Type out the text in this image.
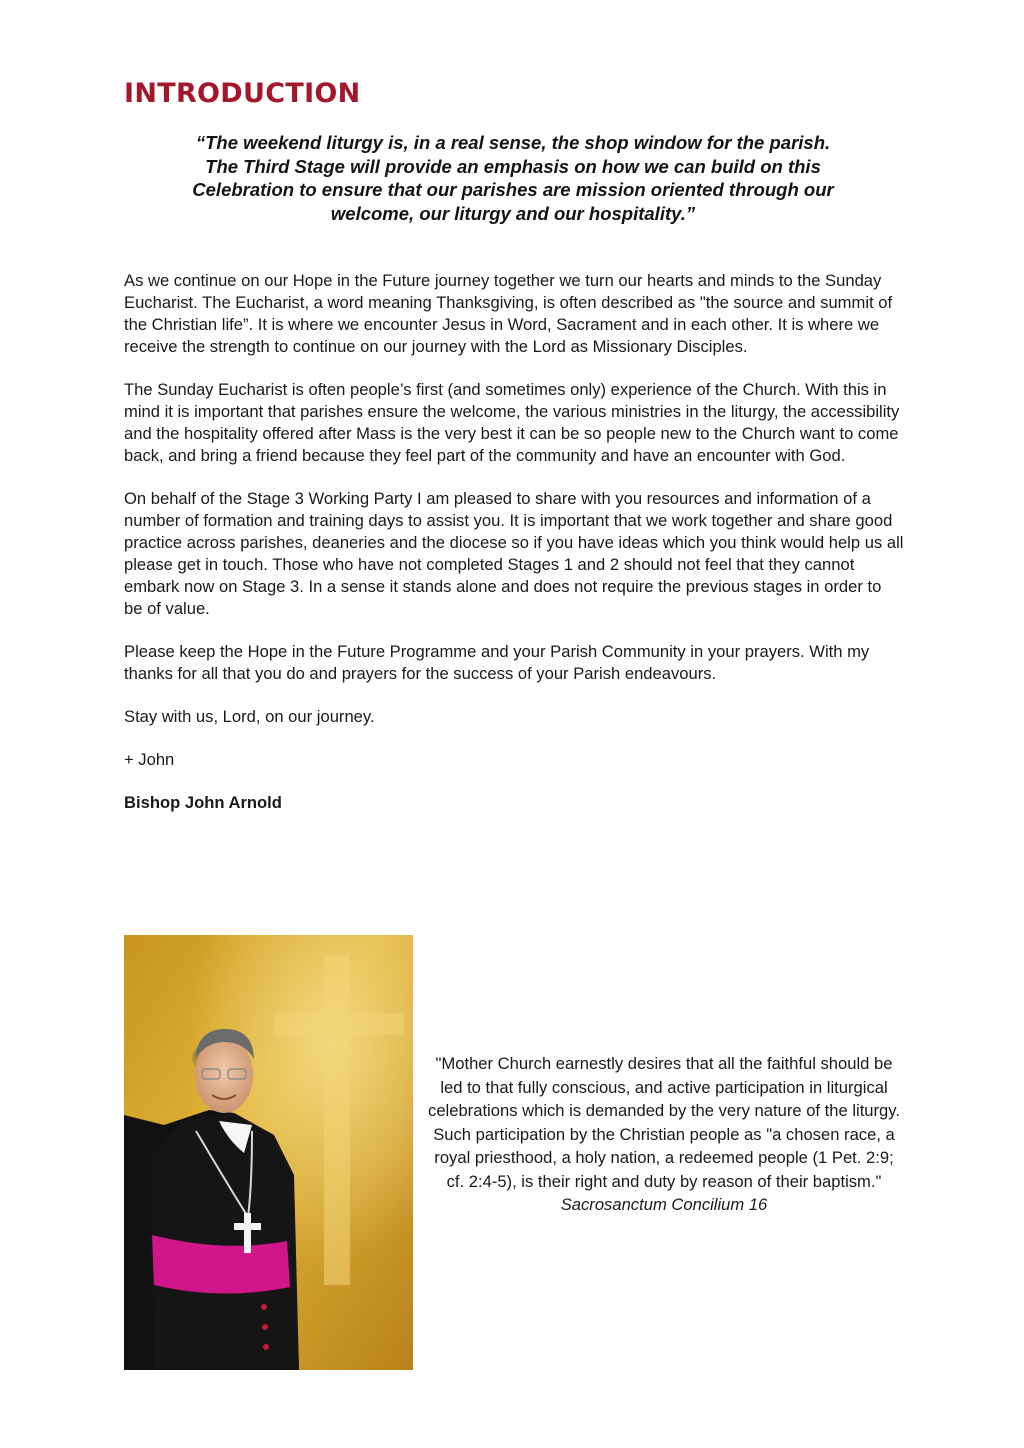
INTRODUCTION
“The weekend liturgy is, in a real sense, the shop window for the parish.
The Third Stage will provide an emphasis on how we can build on this
Celebration to ensure that our parishes are mission oriented through our
welcome, our liturgy and our hospitality.”

As we continue on our Hope in the Future journey together we turn our hearts and minds to the Sunday Eucharist. The Eucharist, a word meaning Thanksgiving, is often described as "the source and summit of the Christian life”. It is where we encounter Jesus in Word, Sacrament and in each other. It is where we receive the strength to continue on our journey with the Lord as Missionary Disciples.

The Sunday Eucharist is often people’s first (and sometimes only) experience of the Church. With this in mind it is important that parishes ensure the welcome, the various ministries in the liturgy, the accessibility and the hospitality offered after Mass is the very best it can be so people new to the Church want to come back, and bring a friend because they feel part of the community and have an encounter with God.

On behalf of the Stage 3 Working Party I am pleased to share with you resources and information of a number of formation and training days to assist you. It is important that we work together and share good practice across parishes, deaneries and the diocese so if you have ideas which you think would help us all please get in touch. Those who have not completed Stages 1 and 2 should not feel that they cannot embark now on Stage 3. In a sense it stands alone and does not require the previous stages in order to be of value.

Please keep the Hope in the Future Programme and your Parish Community in your prayers. With my thanks for all that you do and prayers for the success of your Parish endeavours.

Stay with us, Lord, on our journey.

+ John

Bishop John Arnold

"Mother Church earnestly desires that all the faithful should be led to that fully conscious, and active participation in liturgical celebrations which is demanded by the very nature of the liturgy. Such participation by the Christian people as "a chosen race, a royal priesthood, a holy nation, a redeemed people (1 Pet. 2:9; cf. 2:4-5), is their right and duty by reason of their baptism." Sacrosanctum Concilium 16
